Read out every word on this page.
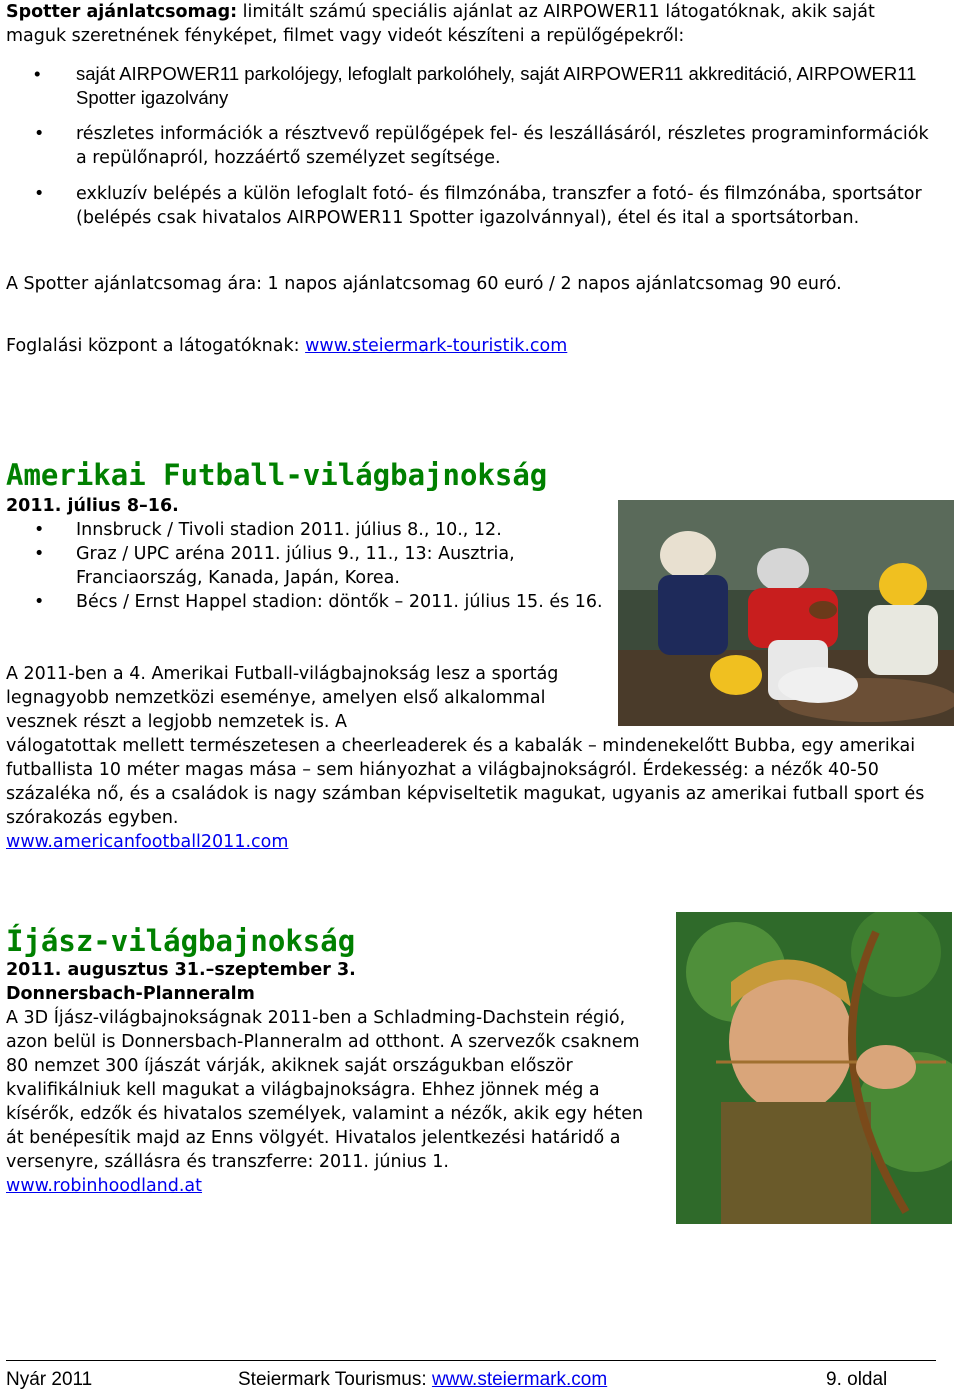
Spotter ajánlatcsomag: limitált számú speciális ajánlat az AIRPOWER11 látogatóknak, akik saját maguk szeretnének fényképet, filmet vagy videót készíteni a repülőgépekről:
• saját AIRPOWER11 parkolójegy, lefoglalt parkolóhely, saját AIRPOWER11 akkreditáció, AIRPOWER11 Spotter igazolvány
• részletes információk a résztvevő repülőgépek fel- és leszállásáról, részletes programinformációk a repülőnapról, hozzáértő személyzet segítsége.
• exkluzív belépés a külön lefoglalt fotó- és filmzónába, transzfer a fotó- és filmzónába, sportsátor (belépés csak hivatalos AIRPOWER11 Spotter igazolvánnyal), étel és ital a sportsátorban.
A Spotter ajánlatcsomag ára: 1 napos ajánlatcsomag 60 euró / 2 napos ajánlatcsomag 90 euró.
Foglalási központ a látogatóknak: www.steiermark-touristik.com
Amerikai Futball-világbajnokság
2011. július 8–16.
• Innsbruck / Tivoli stadion 2011. július 8., 10., 12.
• Graz / UPC aréna 2011. július 9., 11., 13: Ausztria, Franciaország, Kanada, Japán, Korea.
• Bécs / Ernst Happel stadion: döntők – 2011. július 15. és 16.
A 2011-ben a 4. Amerikai Futball-világbajnokság lesz a sportág legnagyobb nemzetközi eseménye, amelyen első alkalommal vesznek részt a legjobb nemzetek is. A
válogatottak mellett természetesen a cheerleaderek és a kabalák – mindenekelőtt Bubba, egy amerikai futballista 10 méter magas mása – sem hiányozhat a világbajnokságról. Érdekesség: a nézők 40-50 százaléka nő, és a családok is nagy számban képviseltetik magukat, ugyanis az amerikai futball sport és szórakozás egyben.
www.americanfootball2011.com
Íjász-világbajnokság
2011. augusztus 31.–szeptember 3.
Donnersbach-Planneralm
A 3D Íjász-világbajnokságnak 2011-ben a Schladming-Dachstein régió, azon belül is Donnersbach-Planneralm ad otthont. A szervezők csaknem 80 nemzet 300 íjászát várják, akiknek saját országukban először kvalifikálniuk kell magukat a világbajnokságra. Ehhez jönnek még a kísérők, edzők és hivatalos személyek, valamint a nézők, akik egy héten át benépesítik majd az Enns völgyét. Hivatalos jelentkezési határidő a versenyre, szállásra és transzferre: 2011. június 1.
www.robinhoodland.at
Nyár 2011	Steiermark Tourismus: www.steiermark.com	9. oldal
